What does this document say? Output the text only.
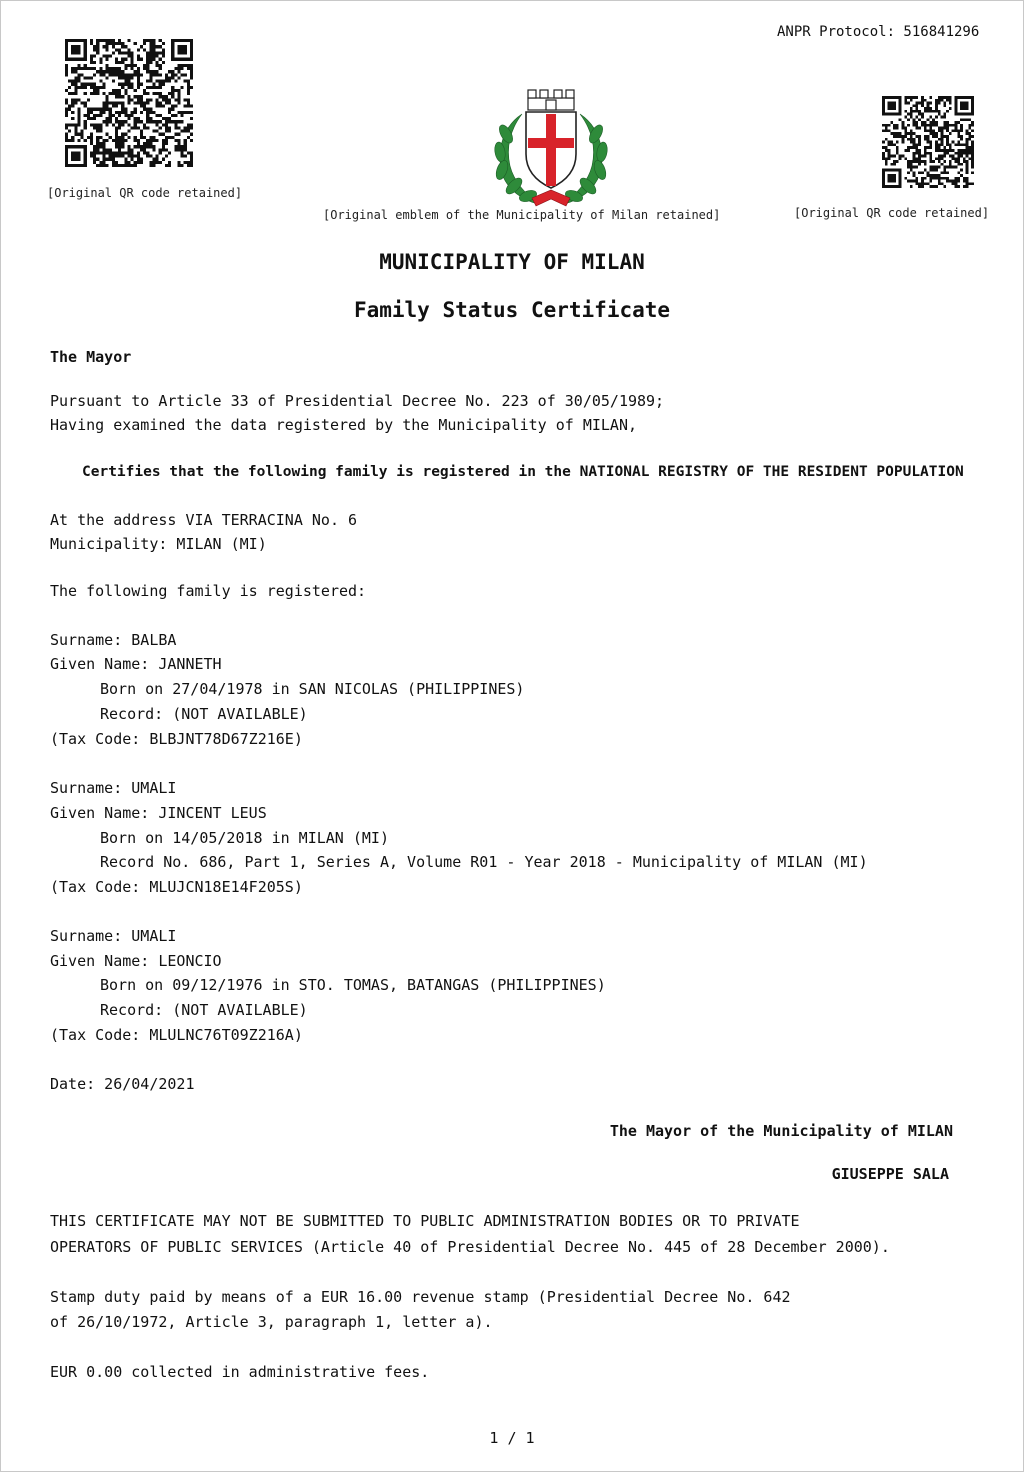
ANPR Protocol: 516841296
[Original QR code retained]

[Original emblem of the Municipality of Milan retained]	[Original QR code retained]
MUNICIPALITY OF MILAN
Family Status Certificate
The Mayor
Pursuant to Article 33 of Presidential Decree No. 223 of 30/05/1989;
Having examined the data registered by the Municipality of MILAN,
Certifies that the following family is registered in the NATIONAL REGISTRY OF THE RESIDENT POPULATION
At the address VIA TERRACINA No. 6
Municipality: MILAN (MI)
The following family is registered:
Surname: BALBA
Given Name: JANNETH
Born on 27/04/1978 in SAN NICOLAS (PHILIPPINES)
Record: (NOT AVAILABLE)
(Tax Code: BLBJNT78D67Z216E)
Surname: UMALI
Given Name: JINCENT LEUS
Born on 14/05/2018 in MILAN (MI)
Record No. 686, Part 1, Series A, Volume R01 - Year 2018 - Municipality of MILAN (MI)
(Tax Code: MLUJCN18E14F205S)
Surname: UMALI
Given Name: LEONCIO
Born on 09/12/1976 in STO. TOMAS, BATANGAS (PHILIPPINES)
Record: (NOT AVAILABLE)
(Tax Code: MLULNC76T09Z216A)
Date: 26/04/2021
The Mayor of the Municipality of MILAN
GIUSEPPE SALA
THIS CERTIFICATE MAY NOT BE SUBMITTED TO PUBLIC ADMINISTRATION BODIES OR TO PRIVATE
OPERATORS OF PUBLIC SERVICES (Article 40 of Presidential Decree No. 445 of 28 December 2000).
Stamp duty paid by means of a EUR 16.00 revenue stamp (Presidential Decree No. 642
of 26/10/1972, Article 3, paragraph 1, letter a).
EUR 0.00 collected in administrative fees.
1 / 1
